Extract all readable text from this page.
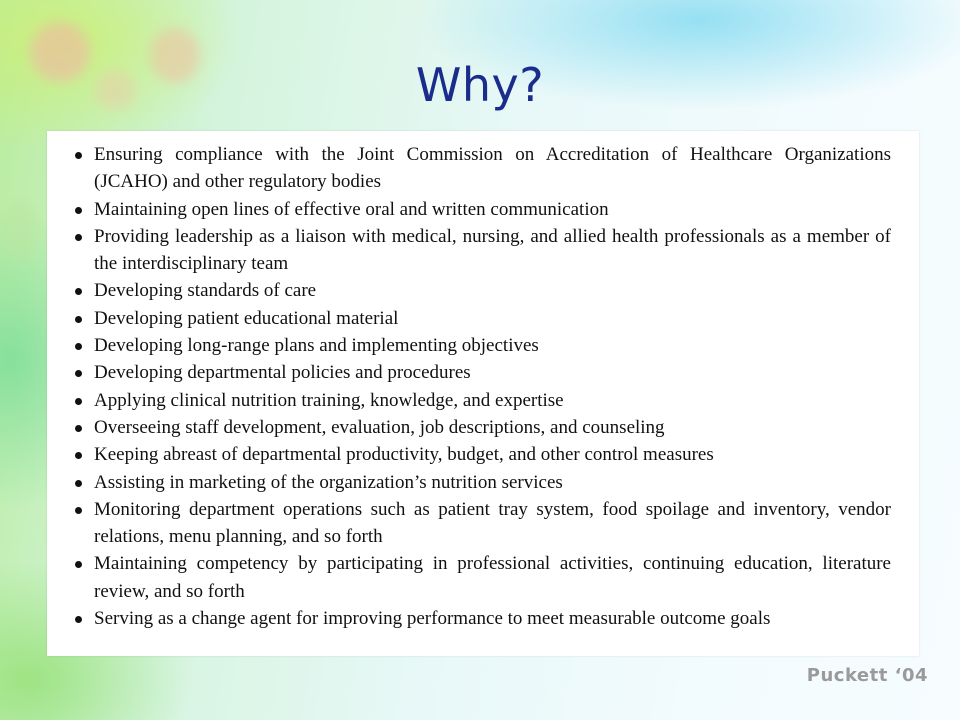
Why?
Ensuring compliance with the Joint Commission on Accreditation of Healthcare Organizations (JCAHO) and other regulatory bodies
Maintaining open lines of effective oral and written communication
Providing leadership as a liaison with medical, nursing, and allied health professionals as a member of the interdisciplinary team
Developing standards of care
Developing patient educational material
Developing long-range plans and implementing objectives
Developing departmental policies and procedures
Applying clinical nutrition training, knowledge, and expertise
Overseeing staff development, evaluation, job descriptions, and counseling
Keeping abreast of departmental productivity, budget, and other control measures
Assisting in marketing of the organization’s nutrition services
Monitoring department operations such as patient tray system, food spoilage and inventory, vendor relations, menu planning, and so forth
Maintaining competency by participating in professional activities, continuing education, literature review, and so forth
Serving as a change agent for improving performance to meet measurable outcome goals
Puckett ‘04
